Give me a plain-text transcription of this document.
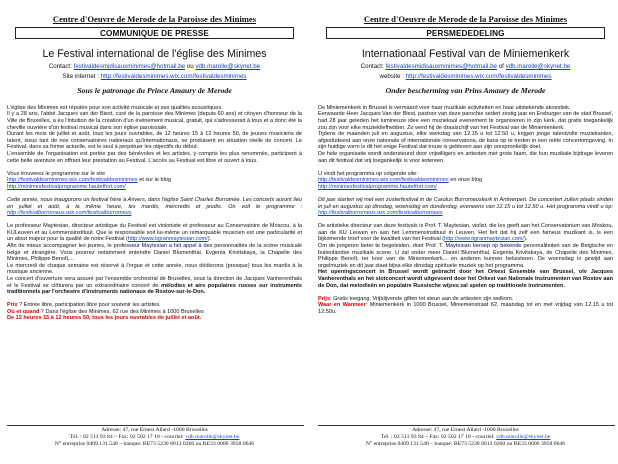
Centre d'Oeuvre de Merode de la Paroisse des Minimes
COMMUNIQUE DE PRESSE
Le Festival international de l'église des Minimes
Contact: festivaldesmidisauxminimes@hotmail.be ou vdb.marolle@skynet.be
Site internet : http://festivaldesminimes.wix.com/festivaldesminimes
Sous le patronage du Prince Amaury de Merode

L'église des Minimes est réputée pour son activité musicale et ses qualités acoustiques.

Il y a 28 ans, l'abbé Jacques van der Biest, curé de la paroisse des Minimes (depuis 60 ans) et citoyen d'honneur de la Ville de Bruxelles, a eu l'intuition de la création d'un événement musical, gratuit, qui s'adresserait à tous et a donc été la cheville ouvrière d'un festival musical dans son église paroissiale.

Durant les mois de juillet et août, tous les jours ouvrables, de 12 heures 15 à 12 heures 50, de jeunes musiciens de talent, issus tant de nos conservatoires nationaux qu'internationaux, se produisent en situation réelle de concert. Le Festival, dans sa forme actuelle, est le seul à perpétuer les objectifs du début.

L'ensemble de l'organisation est portée par des bénévoles et les artistes, y compris les plus renommés, participent à cette belle aventure en offrant leur prestation au Festival. L'accès au Festival est libre et ouvert à tous.

Vous trouverez le programme sur le site
http://festivaldesminimes.wix.com/festivaldesminimes et sur le blog
http://minimesfestivalprogramme.hautetfort.com/

Cette année, nous inaugurons un festival frère à Anvers, dans l'église Saint Charles Borromée. Les concerts auront lieu en juillet et août, à la même heure, les mardis, mercredis et jeudis. On voit le programme : http://festivalborromeus.wix.com/festivalborromeus

Le professeur Maytesian, directeur artistique du Festival est violoniste et professeur au Conservatoire de Moscou, à la KULeuven et au Lemmensinstituut. Que le responsable soit lui-même un remarquable musicien est une particularité et un atout majeur pour la qualité de notre Festival (http://www.tigranmaytesian.com/).

Afin de mieux accompagner les jeunes, le professeur Maytesian a fait appel à des personnalités de la scène musicale belge et étrangère. Vous pourrez notamment entendre Daniel Blumenthal, Evgenia Krivitskaya, la Chapelle des Minimes, Philippe Benoît,...

Le mercredi de chaque semaine est réservé à l'orgue et cette année, nous dédierons (presque) tous les mardis à la musique ancienne.

Le concert d'ouverture sera assuré par l'ensemble orchestral de Bruxelles, sous la direction de Jacques Vanherenthals et le Festival se clôturera par un extraordinaire concert de mélodies et airs populaires russes sur instruments traditionnels par l'orchestre d'instruments nationaux de Rostov-sur-le-Don.

Prix ? Entrée libre, participation libre pour soutenir les artistes.

Où et quand ? Dans l'église des Minimes, 62 rue des Minimes à 1000 Bruxelles

De 12 heures 15 à 12 heures 50, tous les jours ouvrables de juillet et août.

Adresse: 47, rue Ernest Allard -1000 Bruxelles
Tél. : 02 511 93 84 – Fax: 02 502 17 10 - courriel: vdb.marolle@skynet.be
N° entreprise 0409.131.548 – banque: BE73 5230 8013 0260 ou BE33 0000 3958 0646
Centre d'Oeuvre de Merode de la Paroisse des Minimes
PERSMEDEDELING
Internationaal Festival van de Miniemenkerk
Contact: festivaldesmidisauxminimes@hotmail.be of vdb.marolle@skynet.be
website : http://festivaldesminimes.wix.com/festivaldesminimes
Onder bescherming van Prins Amaury de Merode

De Miniemenkerk in Brussel is vermaard voor haar muzikale activiteiten en haar uitstekende akoestiek.

Eerwaarde Heer Jacques Van der Biest, pastoor van deze parochie sedert zestig jaar en Ereburger van de stad Brussel, had 28 jaar geleden het lumineuze idee een muziekaal evenement te organiseren in zijn kerk, dat gratis toegankelijk zou zijn voor elke muziekliefhebber. Zo werd hij de draaischijf van het Festival van de Miniemenkerk.

Tijdens de maanden juli en augustus, elke werkdag van 12.15 u tot 12.50 u, krijgen jonge talentvolle muziekanten, afgestudeerd aan onze nationale of internationale conservatoria, de kans op te treden in een reële concertomgeving. In zijn huidige vorm is dit het enige Festival dat trouw is gebleven aan zijn oorspronkelijk doel.

De hele organisatie wordt ondersteund door vrijwilligers en artiesten met grote faam, die hun muzikale bijdrage leveren aan dit festival dat vrij toegankelijk is voor iedereen.

U vindt het programma op volgende site:
http://festivaldesminimes.wix.com/festivaldesminimes en onze blog
http://minimesfestivalprogramme.hautetfort.com/

Dit jaar starten wij met een zusterfestival in de Carolus Borromeuskerk in Antwerpen. De concerten zullen plaats vinden in juli en augustus op dinsdag, woensdag en donderdag, eveneens van 12.15 u tot 12.50 u. Het programma vindt u op: http://festivalborromeus.wix.com/festivalborromeus

De artistieke directeur van deze festivals is Prof. T. Maytesian, violist, die les geeft aan het Conservatorium van Moskou, aan de KU Leuven en aan het Lemmensinstituut in Leuven. Het feit dat hij zelf een fameus muzikant is, is een bijkomende troef voor de kwaliteit van het Festival (http://www.tigranmaytesian.com/).

Om de jongeren beter te begeleiden, doet Prof. T. Maytesian beroep op bekende personaliteiten van de Belgische en buitenlandse muzikale scene. U zal onder meer Daniël Blumenthal, Evgenia Krivitskaya, de Chapelle des Minimes, Philippe Benoît, ter koor van de Miniemenkerk... en anderen kunnen beluisteren. De woensdag is gewijd aan orgelmuziek en dit jaar staat bijna elke dinsdag spirituele muziek op het programma.

Het openingsconcert in Brussel wordt gebracht door het Orkest Ensemble van Brussel, olv Jacques Vanherenthals en het slotconcert wordt uitgevoerd door het Orkest van Nationale Instrumenten van Rostov aan de Don, dat melodieën en populaire Russische wijzes zal spelen op traditionele instrumenten.

Prijs: Gratis toegang. Vrijblijvende giften tot steun aan de artiesten zijn welkom.

Waar en Wanneer: Miniemenkerk in 1000 Brussel, Miniemenstraat 62, maandag tot en met vrijdag van 12.15 u tot 12.50u.

Adresse: 47, rue Ernest Allard -1000 Bruxelles
Tél. : 02 511 93 84 – Fax: 02 502 17 10 - courriel: vdb.marolle@skynet.be
N° entreprise 0409.131.548 – banque: BE73 5230 8013 0260 ou BE33 0000 3958 0646
